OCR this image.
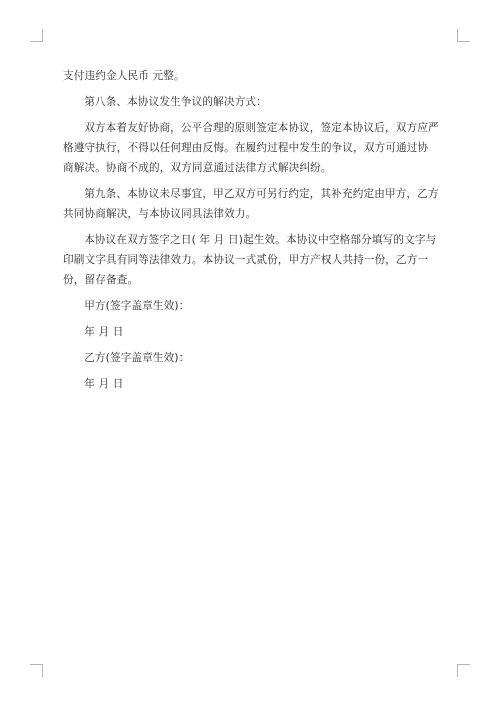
支付违约金人民币 元整。

第八条、本协议发生争议的解决方式：

双方本着友好协商，公平合理的原则签定本协议，签定本协议后，双方应严格遵守执行，不得以任何理由反悔。在履约过程中发生的争议，双方可通过协商解决。协商不成的，双方同意通过法律方式解决纠纷。

第九条、本协议未尽事宜，甲乙双方可另行约定，其补充约定由甲方，乙方共同协商解决，与本协议同具法律效力。

本协议在双方签字之日( 年 月 日)起生效。本协议中空格部分填写的文字与印刷文字具有同等法律效力。本协议一式贰份，甲方产权人共持一份，乙方一份，留存备查。

甲方(签字盖章生效)：

年 月 日

乙方(签字盖章生效)：

年 月 日
